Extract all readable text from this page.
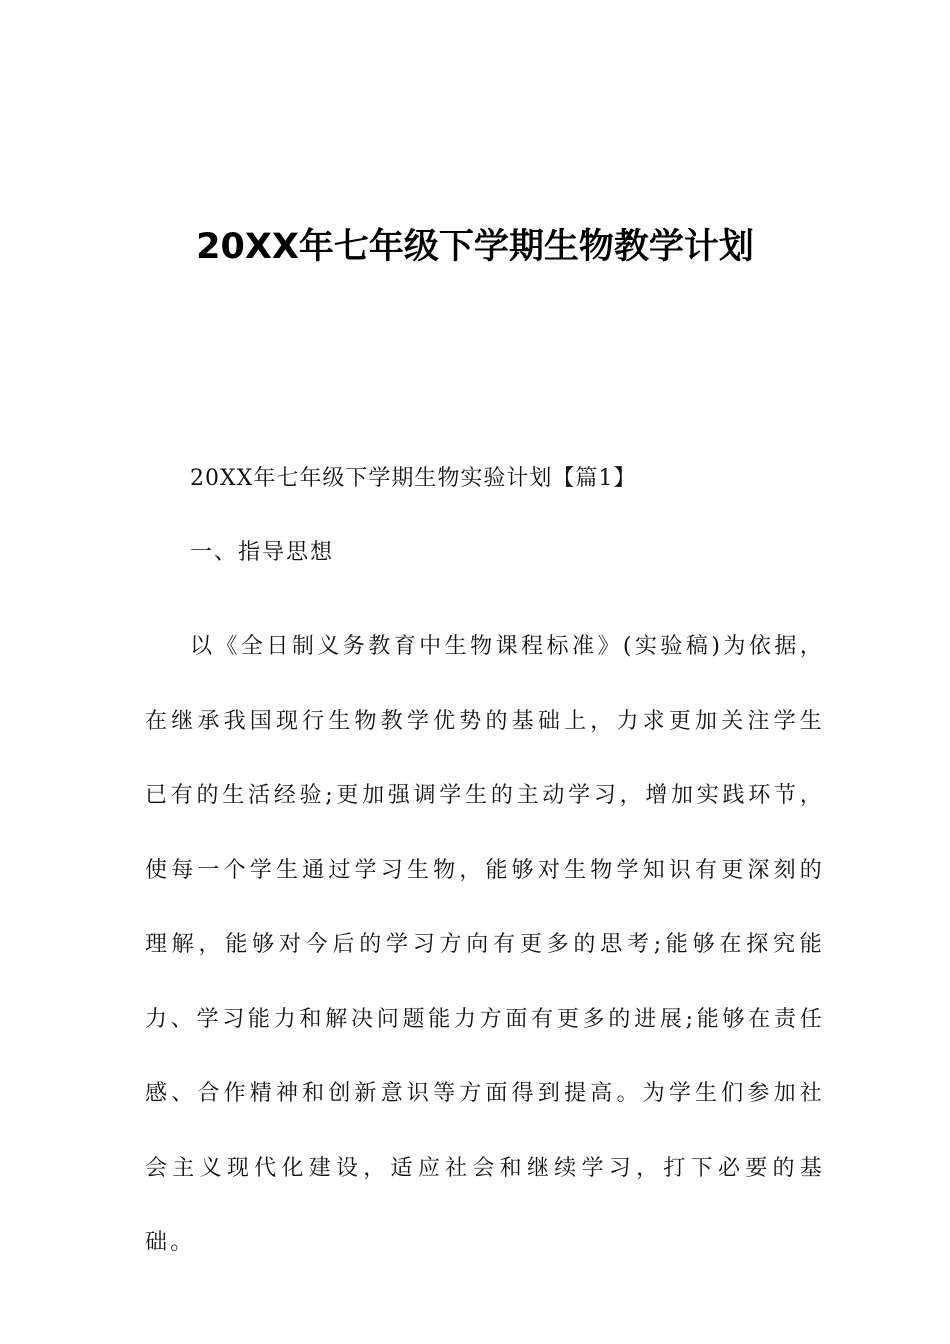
20XX年七年级下学期生物教学计划

20XX年七年级下学期生物实验计划【篇1】

一、指导思想

以《全日制义务教育中生物课程标准》(实验稿)为依据，在继承我国现行生物教学优势的基础上，力求更加关注学生已有的生活经验;更加强调学生的主动学习，增加实践环节，使每一个学生通过学习生物，能够对生物学知识有更深刻的理解，能够对今后的学习方向有更多的思考;能够在探究能力、学习能力和解决问题能力方面有更多的进展;能够在责任感、合作精神和创新意识等方面得到提高。为学生们参加社会主义现代化建设，适应社会和继续学习，打下必要的基础。
